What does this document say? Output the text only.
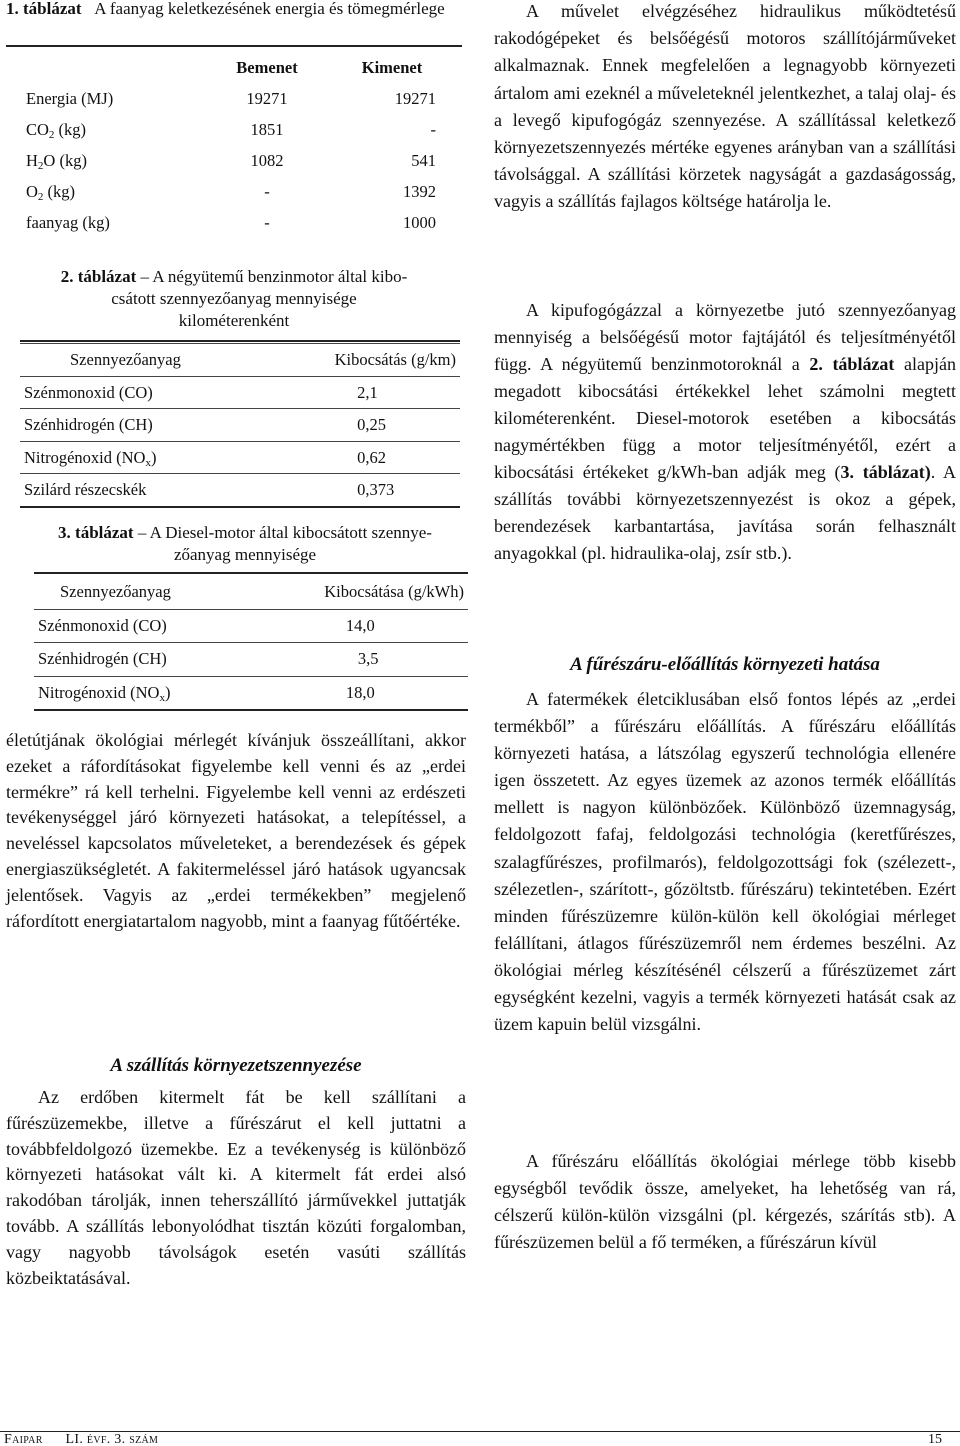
1. táblázat A faanyag keletkezésének energia és tömegmérlege
	Bemenet	Kimenet
Energia (MJ)	19271	19271
$CO_2$ (kg)	1851	-
$H_2O$ (kg)	1082	541
$O_2$ (kg)	-	1392
faanyag (kg)	-	1000
2. táblázat – A négyütemű benzinmotor által kibo-
csátott szennyezőanyag mennyisége
kilométerenként
Szennyezőanyag	Kibocsátás (g/km)
Szénmonoxid (CO)	2,1
Szénhidrogén (CH)	0,25
Nitrogénoxid $(NO_x)$	0,62
Szilárd részecskék	0,373
3. táblázat – A Diesel-motor által kibocsátott szennye-
zőanyag mennyisége
Szennyezőanyag	Kibocsátása (g/kWh)
Szénmonoxid (CO)	14,0
Szénhidrogén (CH)	3,5
Nitrogénoxid $(NO_x)$	18,0

életútjának ökológiai mérlegét kívánjuk összeállítani, akkor ezeket a ráfordításokat figyelembe kell venni és az „erdei termékre” rá kell terhelni. Figyelembe kell venni az erdészeti tevékenységgel járó környezeti hatásokat, a telepítéssel, a neveléssel kapcsolatos műveleteket, a berendezések és gépek energiaszükségletét. A fakitermeléssel járó hatások ugyancsak jelentősek. Vagyis az „erdei termékekben” megjelenő ráfordított energiatartalom nagyobb, mint a faanyag fűtőértéke.

A szállítás környezetszennyezése

Az erdőben kitermelt fát be kell szállítani a fűrészüzemekbe, illetve a fűrészárut el kell juttatni a továbbfeldolgozó üzemekbe. Ez a tevékenység is különböző környezeti hatásokat vált ki. A kitermelt fát erdei alsó rakodóban tárolják, innen teherszállító járművekkel juttatják tovább. A szállítás lebonyolódhat tisztán közúti forgalomban, vagy nagyobb távolságok esetén vasúti szállítás közbeiktatásával.

A művelet elvégzéséhez hidraulikus működtetésű rakodógépeket és belsőégésű motoros szállítójárműveket alkalmaznak. Ennek megfelelően a legnagyobb környezeti ártalom ami ezeknél a műveleteknél jelentkezhet, a talaj olaj- és a levegő kipufogógáz szennyezése. A szállítással keletkező környezetszennyezés mértéke egyenes arányban van a szállítási távolsággal. A szállítási körzetek nagyságát a gazdaságosság, vagyis a szállítás fajlagos költsége határolja le.

A kipufogógázzal a környezetbe jutó szennyezőanyag mennyiség a belsőégésű motor fajtájától és teljesítményétől függ. A négyütemű benzinmotoroknál a 2. táblázat alapján megadott kibocsátási értékekkel lehet számolni megtett kilométerenként. Diesel-motorok esetében a kibocsátás nagymértékben függ a motor teljesítményétől, ezért a kibocsátási értékeket g/kWh-ban adják meg (3. táblázat). A szállítás további környezetszennyezést is okoz a gépek, berendezések karbantartása, javítása során felhasznált anyagokkal (pl. hidraulika-olaj, zsír stb.).

A fűrészáru-előállítás környezeti hatása

A fatermékek életciklusában első fontos lépés az „erdei termékből” a fűrészáru előállítás. A fűrészáru előállítás környezeti hatása, a látszólag egyszerű technológia ellenére igen összetett. Az egyes üzemek az azonos termék előállítás mellett is nagyon különbözőek. Különböző üzemnagyság, feldolgozott fafaj, feldolgozási technológia (keretfűrészes, szalagfűrészes, profilmarós), feldolgozottsági fok (szélezett-, szélezetlen-, szárított-, gőzöltstb. fűrészáru) tekintetében. Ezért minden fűrészüzemre külön-külön kell ökológiai mérleget felállítani, átlagos fűrészüzemről nem érdemes beszélni. Az ökológiai mérleg készítésénél célszerű a fűrészüzemet zárt egységként kezelni, vagyis a termék környezeti hatását csak az üzem kapuin belül vizsgálni.

A fűrészáru előállítás ökológiai mérlege több kisebb egységből tevődik össze, amelyeket, ha lehetőség van rá, célszerű külön-külön vizsgálni (pl. kérgezés, szárítás stb). A fűrészüzemen belül a fő terméken, a fűrészárun kívül

Faipar LI. évf. 3. szám	15
